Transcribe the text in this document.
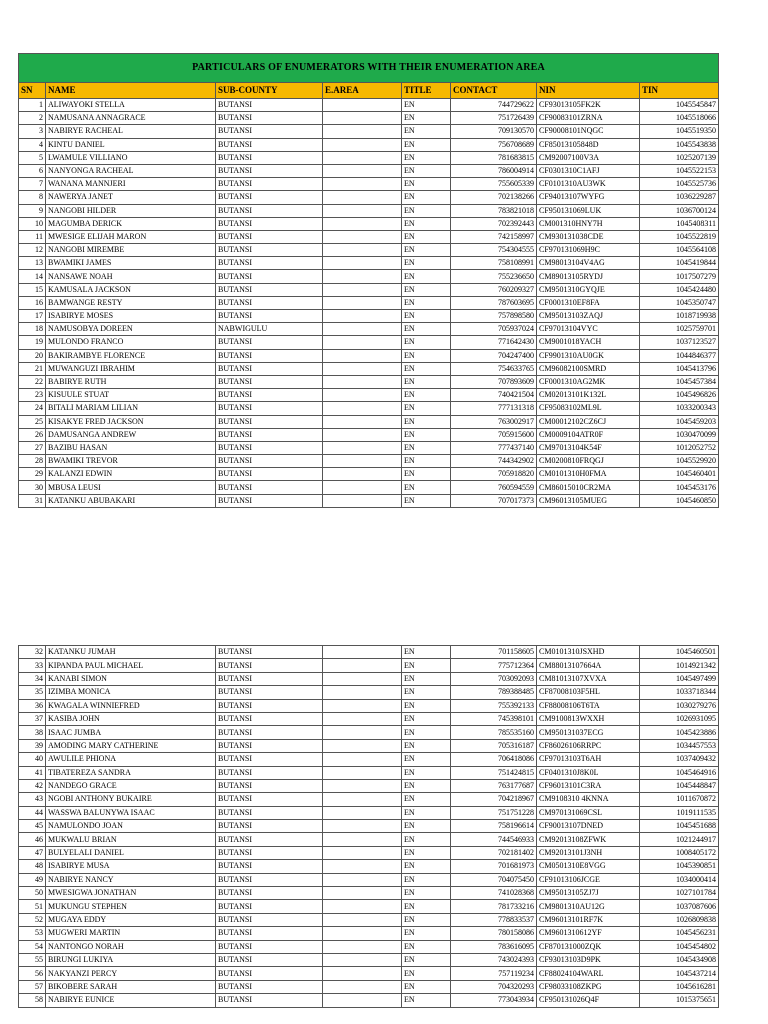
PARTICULARS OF ENUMERATORS WITH THEIR ENUMERATION AREA							
SN	NAME	SUB-COUNTY	E.AREA	TITLE	CONTACT	NIN	TIN
1	ALIWAYOKI STELLA	BUTANSI		EN	744729622	CF93013105FK2K	1045545847
2	NAMUSANA ANNAGRACE	BUTANSI		EN	751726439	CF90083101ZRNA	1045518066
3	NABIRYE RACHEAL	BUTANSI		EN	709130570	CF90008101NQGC	1045519350
4	KINTU DANIEL	BUTANSI		EN	756708689	CF85013105848D	1045543838
5	LWAMULE VILLIANO	BUTANSI		EN	781683815	CM92007100V3A	1025207139
6	NANYONGA RACHEAL	BUTANSI		EN	786004914	CF0301310C1AFJ	1045522153
7	WANANA MANNJERI	BUTANSI		EN	755605339	CF0101310AU3WK	1045525736
8	NAWERYA JANET	BUTANSI		EN	702138266	CF94013107WYFG	1036229287
9	NANGOBI HILDER	BUTANSI		EN	783821018	CF950131069LUK	1036700124
10	MAGUMBA DERICK	BUTANSI		EN	702392443	CM001310HNY7H	1045408311
11	MWESIGE ELIJAH MARON	BUTANSI		EN	742158997	CM930131038CDE	1045522819
12	NANGOBI MIREMBE	BUTANSI		EN	754304555	CF970131069H9C	1045564108
13	BWAMIKI JAMES	BUTANSI		EN	758108991	CM98013104V4AG	1045419844
14	NANSAWE NOAH	BUTANSI		EN	755236650	CM89013105RYDJ	1017507279
15	KAMUSALA JACKSON	BUTANSI		EN	760209327	CM9501310GYQJE	1045424480
16	BAMWANGE RESTY	BUTANSI		EN	787603695	CF0001310EF8FA	1045350747
17	ISABIRYE MOSES	BUTANSI		EN	757898580	CM95013103ZAQJ	1018719938
18	NAMUSOBYA DOREEN	NABWIGULU		EN	705937024	CF97013104VYC	1025759701
19	MULONDO FRANCO	BUTANSI		EN	771642430	CM9001018YACH	1037123527
20	BAKIRAMBYE FLORENCE	BUTANSI		EN	704247400	CF9901310AU0GK	1044846377
21	MUWANGUZI IBRAHIM	BUTANSI		EN	754633765	CM96082100SMRD	1045413796
22	BABIRYE RUTH	BUTANSI		EN	707893609	CF0001310AG2MK	1045457384
23	KISUULE STUAT	BUTANSI		EN	740421504	CM02013101K132L	1045496826
24	BITALI MARIAM LILIAN	BUTANSI		EN	777131318	CF95083102ML9L	1033200343
25	KISAKYE FRED JACKSON	BUTANSI		EN	763002917	CM00012102CZ6CJ	1045459203
26	DAMUSANGA ANDREW	BUTANSI		EN	705915600	CM0009104ATR0F	1030470099
27	BAZIBU HASAN	BUTANSI		EN	777437140	CM97013104K54F	1012052752
28	BWAMIKI TREVOR	BUTANSI		EN	744342902	CM0200810FRQGJ	1045529920
29	KALANZI EDWIN	BUTANSI		EN	705918820	CM0101310H0FMA	1045460401
30	MBUSA LEUSI	BUTANSI		EN	760594559	CM86015010CR2MA	1045453176
31	KATANKU ABUBAKARI	BUTANSI		EN	707017373	CM96013105MUEG	1045460850
32	KATANKU JUMAH	BUTANSI		EN	701158605	CM0101310JSXHD	1045460501
33	KIPANDA PAUL MICHAEL	BUTANSI		EN	775712364	CM88013107664A	1014921342
34	KANABI SIMON	BUTANSI		EN	703092093	CM81013107XVXA	1045497499
35	IZIMBA MONICA	BUTANSI		EN	789388485	CF87008103F5HL	1033718344
36	KWAGALA WINNIEFRED	BUTANSI		EN	755392133	CF88008106T6TA	1030279276
37	KASIBA JOHN	BUTANSI		EN	745398101	CM9100813WXXH	1026931095
38	ISAAC JUMBA	BUTANSI		EN	785535160	CM950131037ECG	1045423886
39	AMODING MARY CATHERINE	BUTANSI		EN	705316187	CF86026106RRPC	1034457553
40	AWULILE PHIONA	BUTANSI		EN	706418086	CF97013103T6AH	1037409432
41	TIBATEREZA SANDRA	BUTANSI		EN	751424815	CF0401310J8K0L	1045464916
42	NANDEGO GRACE	BUTANSI		EN	763177687	CF96013101C3RA	1045448847
43	NGOBI ANTHONY BUKAIRE	BUTANSI		EN	704218967	CM9108310 4KNNA	1011670872
44	WASSWA BALUNYWA ISAAC	BUTANSI		EN	751751228	CM970131069CSL	1019111535
45	NAMULONDO JOAN	BUTANSI		EN	758196614	CF90013107DNED	1045451688
46	MUKWALU BRIAN	BUTANSI		EN	744546933	CM92013108ZFWK	1021244917
47	BULYELALI DANIEL	BUTANSI		EN	702181402	CM92013101J3NH	1008405172
48	ISABIRYE MUSA	BUTANSI		EN	701681973	CM0501310E8VGG	1045390851
49	NABIRYE NANCY	BUTANSI		EN	704075450	CF91013106JCGE	1034000414
50	MWESIGWA JONATHAN	BUTANSI		EN	741028368	CM95013105ZJ7J	1027101784
51	MUKUNGU STEPHEN	BUTANSI		EN	781733216	CM9801310AU12G	1037087606
52	MUGAYA EDDY	BUTANSI		EN	778833537	CM96013101RF7K	1026809838
53	MUGWERI MARTIN	BUTANSI		EN	780158086	CM9601310612YF	1045456231
54	NANTONGO NORAH	BUTANSI		EN	783616095	CF870131000ZQK	1045454802
55	BIRUNGI LUKIYA	BUTANSI		EN	743024393	CF93013103D9PK	1045434908
56	NAKYANZI PERCY	BUTANSI		EN	757119234	CF88024104WARL	1045437214
57	BIKOBERE SARAH	BUTANSI		EN	704320293	CF98033108ZKPG	1045616281
58	NABIRYE EUNICE	BUTANSI		EN	773043934	CF950131026Q4F	1015375651
